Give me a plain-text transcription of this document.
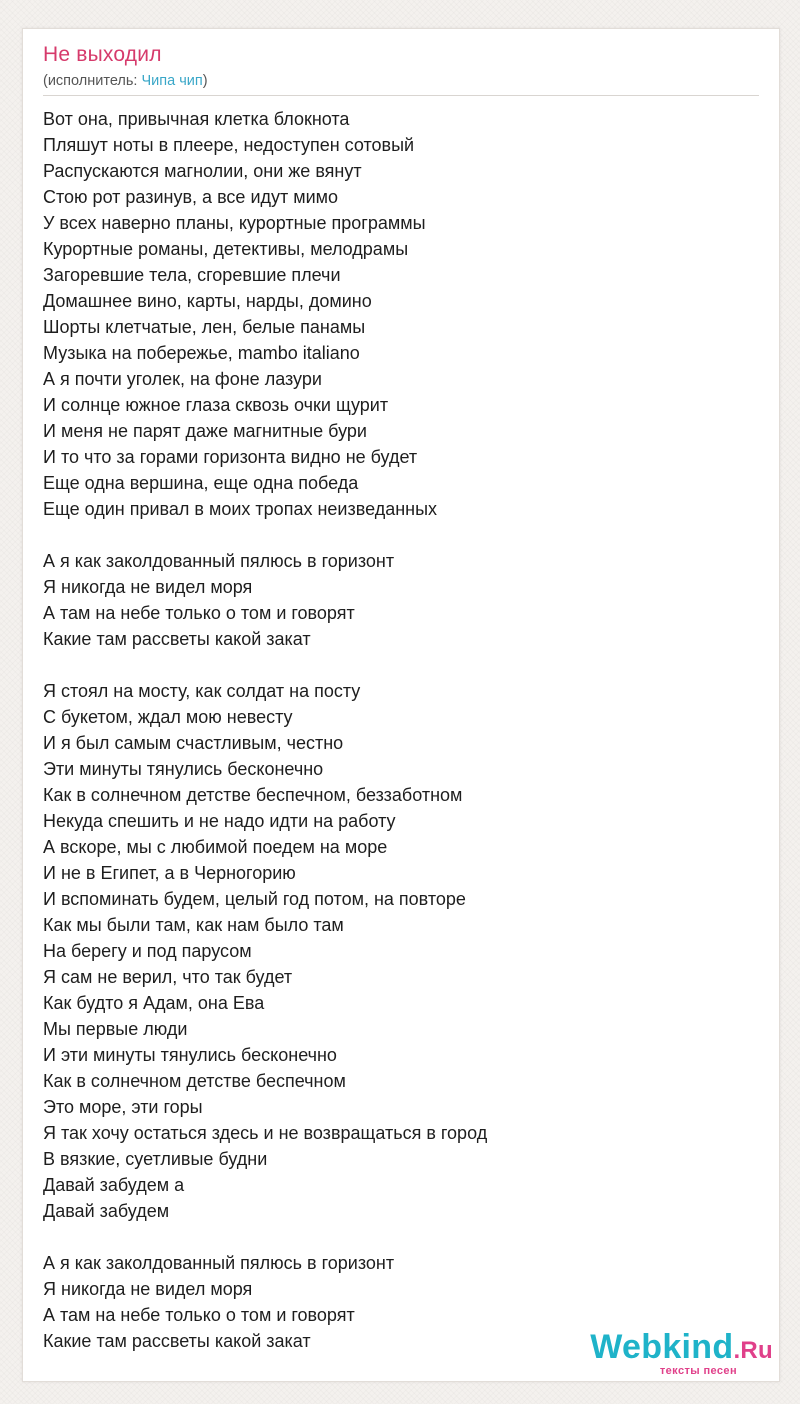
Не выходил
(исполнитель: Чипа чип)
Вот она, привычная клетка блокнота
Пляшут ноты в плеере, недоступен сотовый
Распускаются магнолии, они же вянут
Стою рот разинув, а все идут мимо
У всех наверно планы, курортные программы
Курортные романы, детективы, мелодрамы
Загоревшие тела, сгоревшие плечи
Домашнее вино, карты, нарды, домино
Шорты клетчатые, лен, белые панамы
Музыка на побережье, mambo italiano
А я почти уголек, на фоне лазури
И солнце южное глаза сквозь очки щурит
И меня не парят даже магнитные бури
И то что за горами горизонта видно не будет
Еще одна вершина, еще одна победа
Еще один привал в моих тропах неизведанных
А я как заколдованный пялюсь в горизонт
Я никогда не видел моря
А там на небе только о том и говорят
Какие там рассветы какой закат
Я стоял на мосту, как солдат на посту
С букетом, ждал мою невесту
И я был самым счастливым, честно
Эти минуты тянулись бесконечно
Как в солнечном детстве беспечном, беззаботном
Некуда спешить и не надо идти на работу
А вскоре, мы с любимой поедем на море
И не в Египет, а в Черногорию
И вспоминать будем, целый год потом, на повторе
Как мы были там, как нам было там
На берегу и под парусом
Я сам не верил, что так будет
Как будто я Адам, она Ева
Мы первые люди
И эти минуты тянулись бесконечно
Как в солнечном детстве беспечном
Это море, эти горы
Я так хочу остаться здесь и не возвращаться в город
В вязкие, суетливые будни
Давай забудем а
Давай забудем
А я как заколдованный пялюсь в горизонт
Я никогда не видел моря
А там на небе только о том и говорят
Какие там рассветы какой закат	Webkind.Ru
тексты песен
